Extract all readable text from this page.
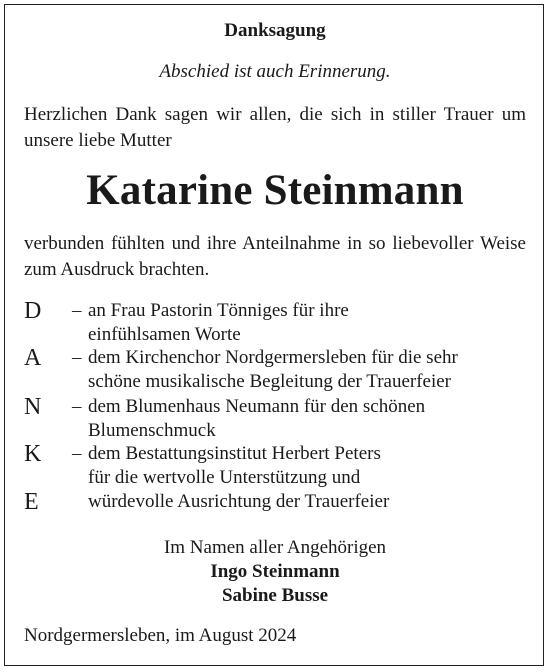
Danksagung
Abschied ist auch Erinnerung.
Herzlichen Dank sagen wir allen, die sich in stiller Trauer um unsere liebe Mutter
Katarine Steinmann
verbunden fühlten und ihre Anteilnahme in so liebevoller Weise zum Ausdruck brachten.
D
A
N
K
E
– an Frau Pastorin Tönniges für ihre
einfühlsamen Worte
– dem Kirchenchor Nordgermersleben für die sehr
schöne musikalische Begleitung der Trauerfeier
– dem Blumenhaus Neumann für den schönen
Blumenschmuck
– dem Bestattungsinstitut Herbert Peters
für die wertvolle Unterstützung und
würdevolle Ausrichtung der Trauerfeier
Im Namen aller Angehörigen
Ingo Steinmann
Sabine Busse
Nordgermersleben, im August 2024
